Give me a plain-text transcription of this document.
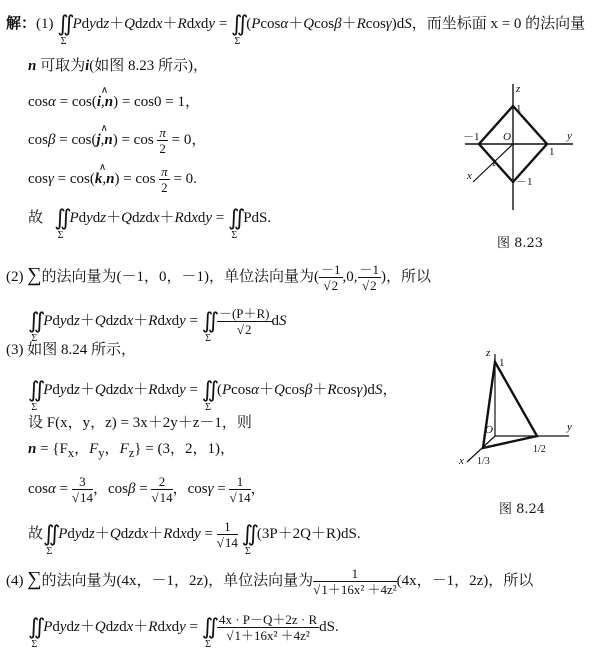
解：(1) $∬_\Sigma Pdydz+Qdzdx+Rdxdy$ = $∬_\Sigma(Pcos\alpha+Qcos\beta+Rcos\gamma)dS$，而坐标面 x = 0 的法向量
n 可取为i(如图 8.23 所示)，
cosα = cos(∧ i,n) = cos0 = 1，
cosβ = cos(∧ $j,n) = \cos \frac{\pi}{2} = 0$，
cosγ = cos(∧ $k,n) = \cos \frac{\pi}{2} = 0$.
故 $∬_\Sigma Pdydz+Qdzdx+Rdxdy$ = $∬_\Sigma PdS$.
z
y
x
O
1
－1
1
－1
1
图 8.23
(2) ∑的法向量为(－1，0，－1)，单位法向量为( $\frac{-1}{√2} ,0$, $\frac{-1}{√2}$ )，所以
$∬_\Sigma Pdydz+Qdzdx+Rdxdy$ = $∬_\Sigma$
$\frac{-(P+R)}{√2}$ dS
(3) 如图 8.24 所示，
$∬_\Sigma Pdydz+Qdzdx+Rdxdy$ = $∬_\Sigma(Pcos\alpha+Qcos\beta+Rcos\gamma)dS$，
设 F(x，y，z) = 3x＋2y＋z－1，则
$n = \{F_x$，$F_y$，$F_z\} = (3$，2，1)，
$\cos\alpha = \frac{3}{√14}$ ，$\cos\beta = \frac{2}{√14}$ ，$\cos\gamma = \frac{1}{√14}$ ，
故$∬_\Sigma Pdydz+Qdzdx+Rdxdy = \frac{1}{√14}$ $∬_\Sigma(3P+2Q+R)dS$.
z
y
x
O
1
1/2
1/3
图 8.24
(4) ∑的法向量为(4x，－1，2z)，单位法向量为 $\frac{1}{\text{√1＋16x² ＋4z²}} (4x$，－1，2z)，所以
$∬_\Sigma Pdydz+Qdzdx+Rdxdy$ = $∬_\Sigma$
$\frac{4x \cdot P-Q+2z \cdot R}{\text{√1＋16x² ＋4z²}}$ dS.
